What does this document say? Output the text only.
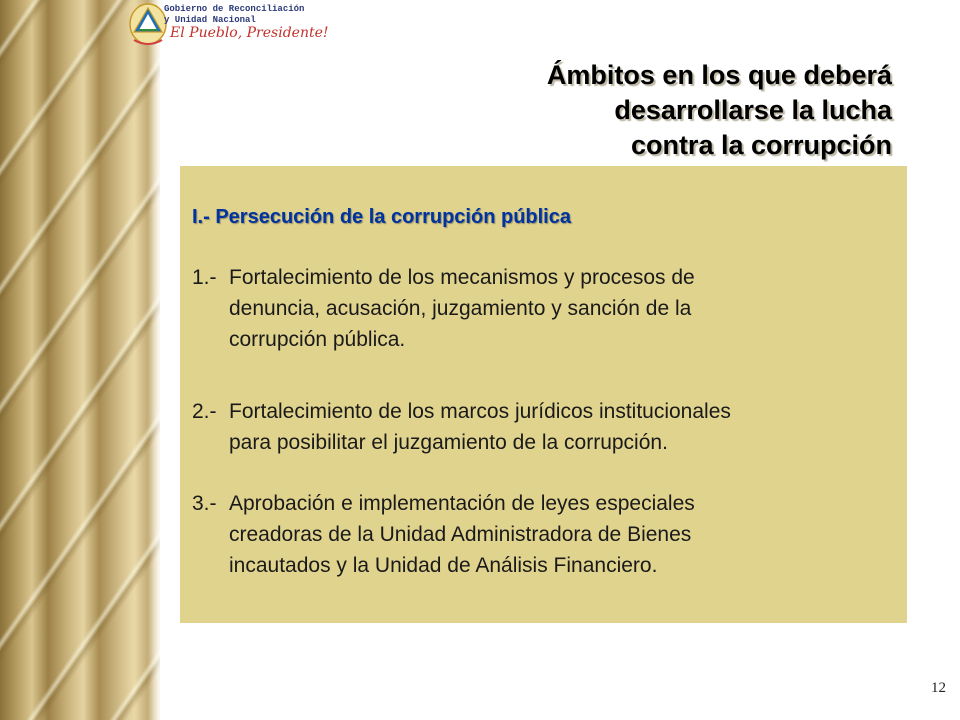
Gobierno de Reconciliación
y Unidad Nacional
El Pueblo, Presidente!
Ámbitos en los que deberá
desarrollarse la lucha
contra la corrupción
I.- Persecución de la corrupción pública
1.- Fortalecimiento de los mecanismos y procesos de
denuncia, acusación, juzgamiento y sanción de la
corrupción pública.
2.- Fortalecimiento de los marcos jurídicos institucionales
para posibilitar el juzgamiento de la corrupción.
3.- Aprobación e implementación de leyes especiales
creadoras de la Unidad Administradora de Bienes
incautados y la Unidad de Análisis Financiero.
12
